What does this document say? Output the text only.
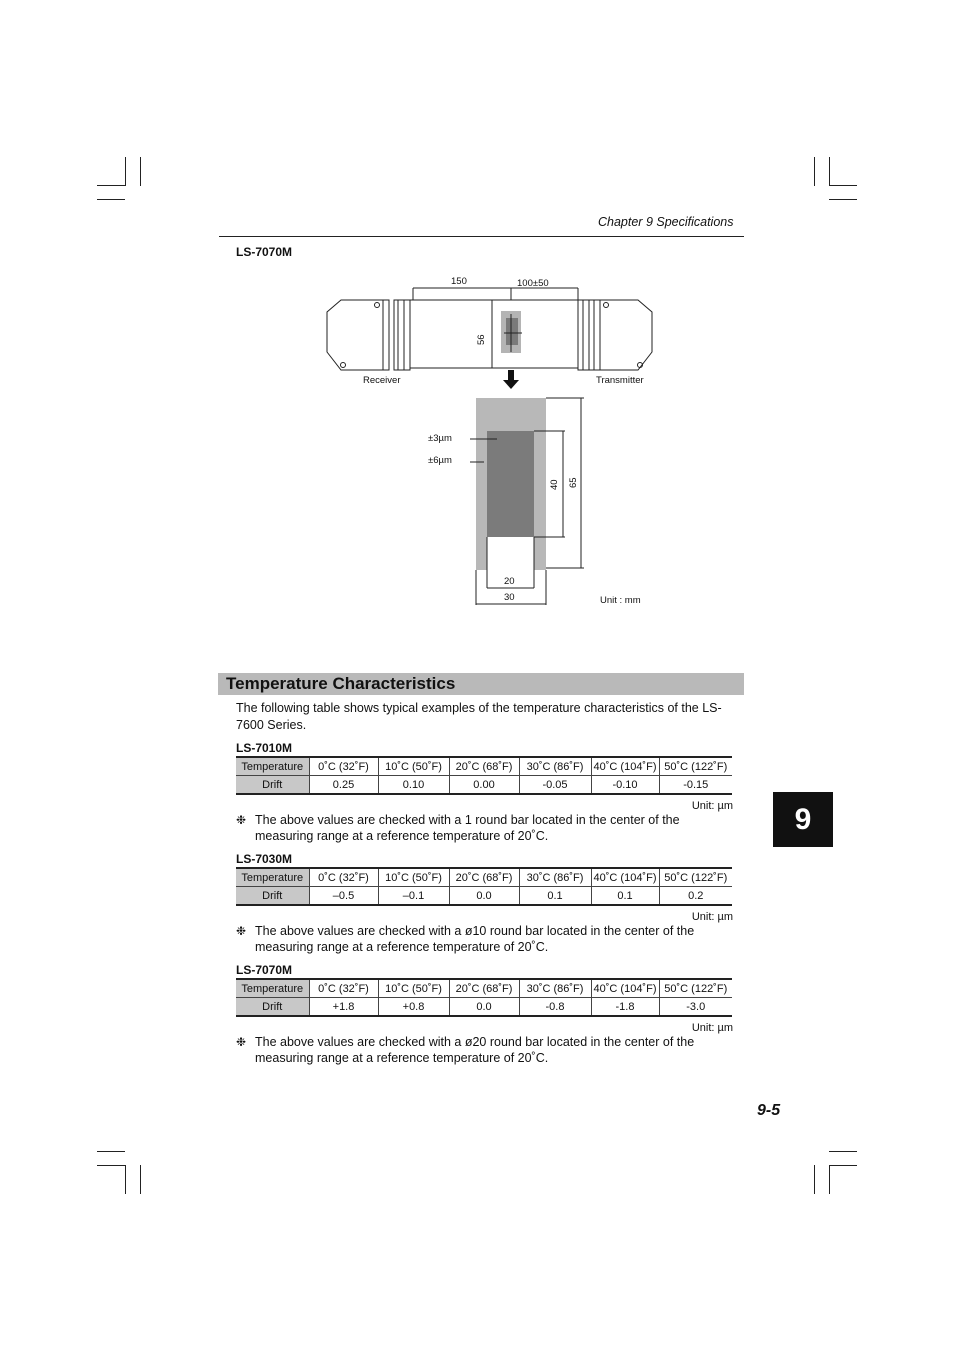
Chapter 9 Specifications
LS-7070M
150	100±50
56
Receiver	Transmitter
±3µm
±6µm
40 65
20
30	Unit : mm
Temperature Characteristics
The following table shows typical examples of the temperature characteristics of the LS-7600 Series.
LS-7010M
Temperature	0˚C (32˚F)	10˚C (50˚F)	20˚C (68˚F)	30˚C (86˚F)	40˚C (104˚F)	50˚C (122˚F)
Drift	0.25	0.10	0.00	-0.05	-0.10	-0.15
Unit: µm
❉ The above values are checked with a 1 round bar located in the center of the measuring range at a reference temperature of 20˚C.
LS-7030M
Temperature	0˚C (32˚F)	10˚C (50˚F)	20˚C (68˚F)	30˚C (86˚F)	40˚C (104˚F)	50˚C (122˚F)
Drift	–0.5	–0.1	0.0	0.1	0.1	0.2
Unit: µm
❉ The above values are checked with a ø10 round bar located in the center of the measuring range at a reference temperature of 20˚C.
LS-7070M
Temperature	0˚C (32˚F)	10˚C (50˚F)	20˚C (68˚F)	30˚C (86˚F)	40˚C (104˚F)	50˚C (122˚F)
Drift	+1.8	+0.8	0.0	-0.8	-1.8	-3.0
Unit: µm
❉ The above values are checked with a ø20 round bar located in the center of the measuring range at a reference temperature of 20˚C.
9
9-5
